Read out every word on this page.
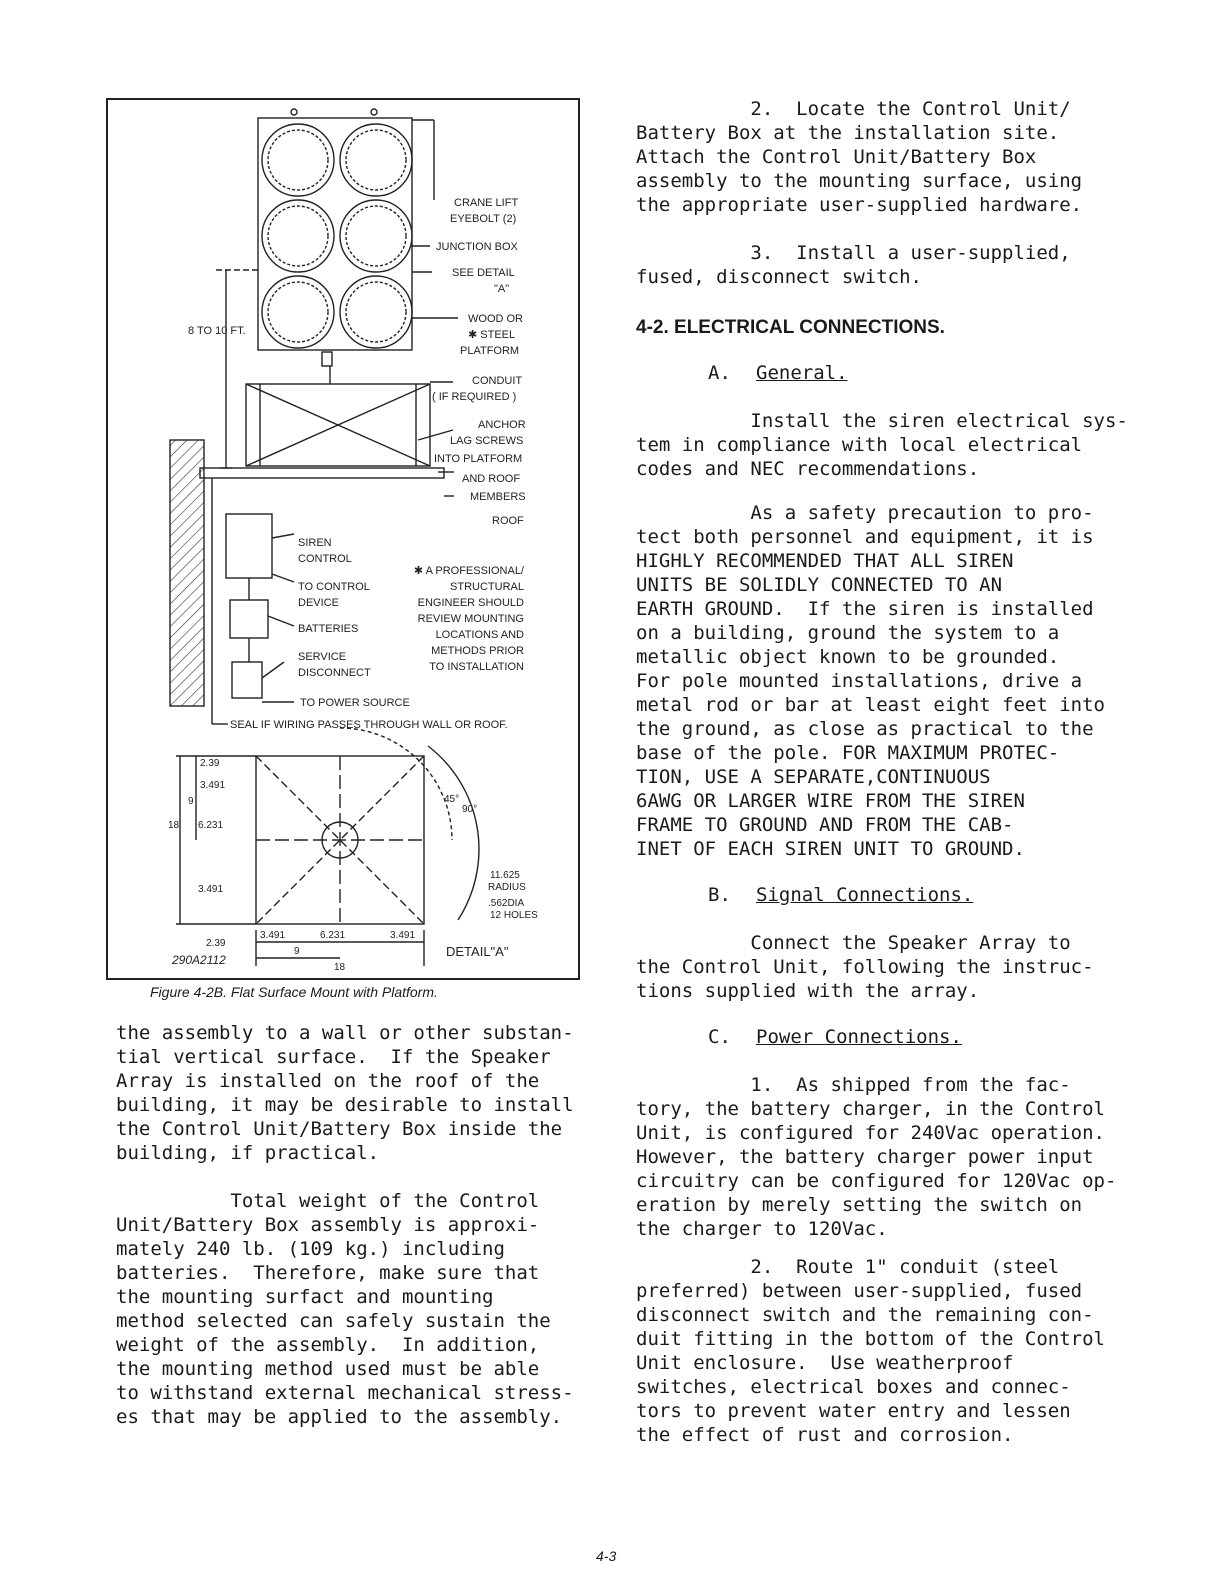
CRANE LIFT
EYEBOLT (2)
JUNCTION BOX
SEE DETAIL
"A"
WOOD OR
✱ STEEL
PLATFORM
CONDUIT
( IF REQUIRED )
ANCHOR
LAG SCREWS
INTO PLATFORM
AND ROOF
MEMBERS
ROOF
8 TO 10 FT.
SIREN
CONTROL
TO CONTROL
DEVICE
BATTERIES
SERVICE
DISCONNECT
TO POWER SOURCE
SEAL IF WIRING PASSES THROUGH WALL OR ROOF.
✱ A PROFESSIONAL/
STRUCTURAL
ENGINEER SHOULD
REVIEW MOUNTING
LOCATIONS AND
METHODS PRIOR
TO INSTALLATION
2.39
3.491
9
18 6.231
3.491
45°
90°
11.625
RADIUS
.562DIA
12 HOLES
2.39
3.491	6.231	3.491
9
18
DETAIL"A"
290A2112
Figure 4-2B. Flat Surface Mount with Platform.

the assembly to a wall or other substan-

tial vertical surface.  If the Speaker

Array is installed on the roof of the

building, it may be desirable to install

the Control Unit/Battery Box inside the

building, if practical.

Total weight of the Control

Unit/Battery Box assembly is approxi-

mately 240 lb. (109 kg.) including

batteries.  Therefore, make sure that

the mounting surfact and mounting

method selected can safely sustain the

weight of the assembly.  In addition,

the mounting method used must be able

to withstand external mechanical stress-

es that may be applied to the assembly.

2.  Locate the Control Unit/

Battery Box at the installation site.

Attach the Control Unit/Battery Box

assembly to the mounting surface, using

the appropriate user-supplied hardware.

3.  Install a user-supplied,

fused, disconnect switch.

4-2. ELECTRICAL CONNECTIONS.

A. General.

Install the siren electrical sys-

tem in compliance with local electrical

codes and NEC recommendations.

As a safety precaution to pro-

tect both personnel and equipment, it is

HIGHLY RECOMMENDED THAT ALL SIREN

UNITS BE SOLIDLY CONNECTED TO AN

EARTH GROUND.  If the siren is installed

on a building, ground the system to a

metallic object known to be grounded.

For pole mounted installations, drive a

metal rod or bar at least eight feet into

the ground, as close as practical to the

base of the pole. FOR MAXIMUM PROTEC-

TION, USE A SEPARATE,CONTINUOUS

6AWG OR LARGER WIRE FROM THE SIREN

FRAME TO GROUND AND FROM THE CAB-

INET OF EACH SIREN UNIT TO GROUND.

B. Signal Connections.

Connect the Speaker Array to

the Control Unit, following the instruc-

tions supplied with the array.

C. Power Connections.

1.  As shipped from the fac-

tory, the battery charger, in the Control

Unit, is configured for 240Vac operation.

However, the battery charger power input

circuitry can be configured for 120Vac op-

eration by merely setting the switch on

the charger to 120Vac.

2.  Route 1" conduit (steel

preferred) between user-supplied, fused

disconnect switch and the remaining con-

duit fitting in the bottom of the Control

Unit enclosure.  Use weatherproof

switches, electrical boxes and connec-

tors to prevent water entry and lessen

the effect of rust and corrosion.

4-3
